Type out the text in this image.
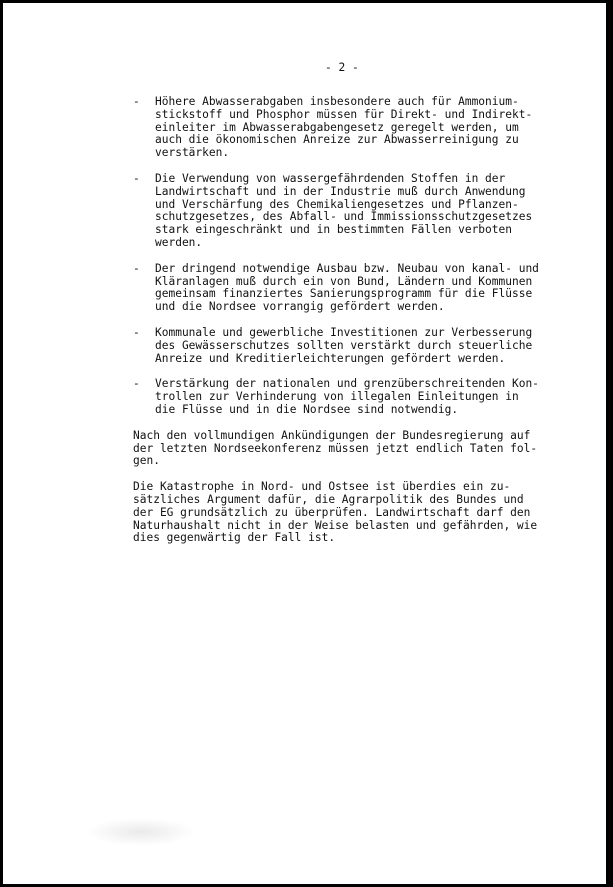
- 2 -
- Höhere Abwasserabgaben insbesondere auch für Ammonium-
stickstoff und Phosphor müssen für Direkt- und Indirekt-
einleiter im Abwasserabgabengesetz geregelt werden, um
auch die ökonomischen Anreize zur Abwasserreinigung zu
verstärken.
- Die Verwendung von wassergefährdenden Stoffen in der
Landwirtschaft und in der Industrie muß durch Anwendung
und Verschärfung des Chemikaliengesetzes und Pflanzen-
schutzgesetzes, des Abfall- und Immissionsschutzgesetzes
stark eingeschränkt und in bestimmten Fällen verboten
werden.
- Der dringend notwendige Ausbau bzw. Neubau von kanal- und
Kläranlagen muß durch ein von Bund, Ländern und Kommunen
gemeinsam finanziertes Sanierungsprogramm für die Flüsse
und die Nordsee vorrangig gefördert werden.
- Kommunale und gewerbliche Investitionen zur Verbesserung
des Gewässerschutzes sollten verstärkt durch steuerliche
Anreize und Kreditierleichterungen gefördert werden.
- Verstärkung der nationalen und grenzüberschreitenden Kon-
trollen zur Verhinderung von illegalen Einleitungen in
die Flüsse und in die Nordsee sind notwendig.
Nach den vollmundigen Ankündigungen der Bundesregierung auf
der letzten Nordseekonferenz müssen jetzt endlich Taten fol-
gen.
Die Katastrophe in Nord- und Ostsee ist überdies ein zu-
sätzliches Argument dafür, die Agrarpolitik des Bundes und
der EG grundsätzlich zu überprüfen. Landwirtschaft darf den
Naturhaushalt nicht in der Weise belasten und gefährden, wie
dies gegenwärtig der Fall ist.
